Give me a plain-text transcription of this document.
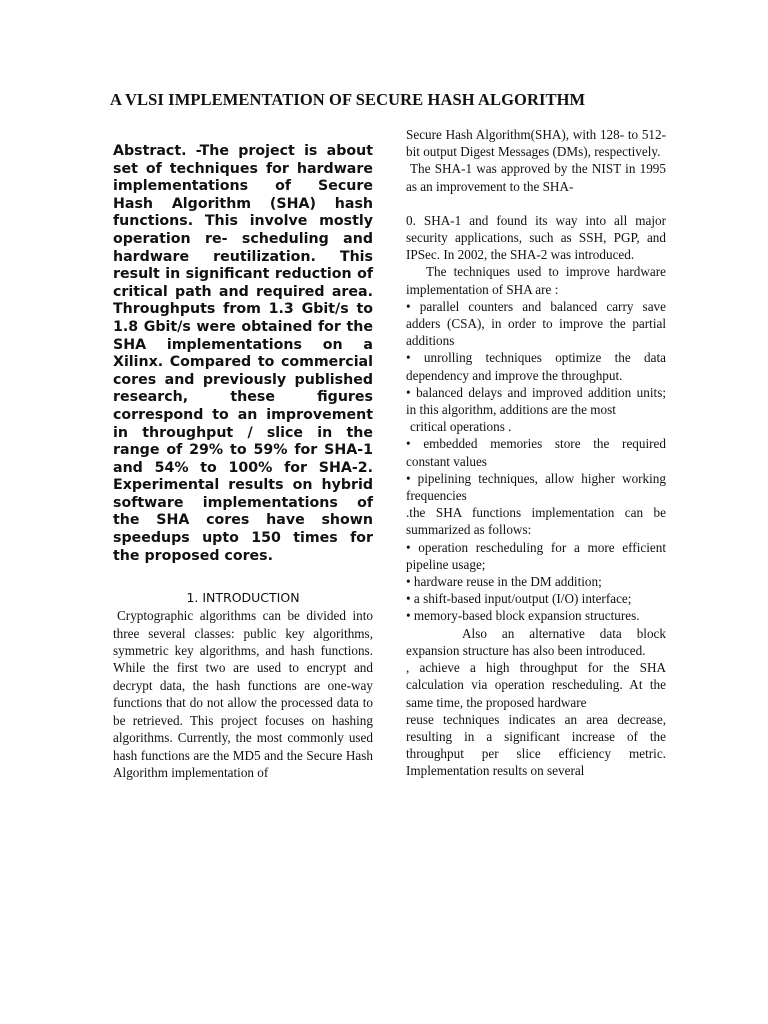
A VLSI IMPLEMENTATION OF SECURE HASH ALGORITHM

Abstract. -The project is about set of techniques for hardware implementations of Secure Hash Algorithm (SHA) hash functions. This involve mostly operation re- scheduling and hardware reutilization. This result in significant reduction of critical path and required area. Throughputs from 1.3 Gbit/s to 1.8 Gbit/s were obtained for the SHA implementations on a Xilinx. Compared to commercial cores and previously published research, these figures correspond to an improvement in throughput / slice in the range of 29% to 59% for SHA-1 and 54% to 100% for SHA-2. Experimental results on hybrid software implementations of the SHA cores have shown speedups upto 150 times for the proposed cores.

1. INTRODUCTION

Cryptographic algorithms can be divided into three several classes: public key algorithms, symmetric key algorithms, and hash functions. While the first two are used to encrypt and decrypt data, the hash functions are one-way functions that do not allow the processed data to be retrieved. This project focuses on hashing algorithms. Currently, the most commonly used hash functions are the MD5 and the Secure Hash Algorithm implementation of

Secure Hash Algorithm(SHA), with 128- to 512-bit output Digest Messages (DMs), respectively.

The SHA-1 was approved by the NIST in 1995 as an improvement to the SHA-

0. SHA-1 and found its way into all major security applications, such as SSH, PGP, and IPSec. In 2002, the SHA-2 was introduced.

The techniques used to improve hardware implementation of SHA are :

• parallel counters and balanced carry save adders (CSA), in order to improve the partial additions

• unrolling techniques optimize the data dependency and improve the throughput.

• balanced delays and improved addition units; in this algorithm, additions are the most

critical operations .

• embedded memories store the required constant values

• pipelining techniques, allow higher working frequencies

.the SHA functions implementation can be summarized as follows:

• operation rescheduling for a more efficient pipeline usage;

• hardware reuse in the DM addition;

• a shift-based input/output (I/O) interface;

• memory-based block expansion structures.

Also an alternative data block expansion structure has also been introduced.

, achieve a high throughput for the SHA calculation via operation rescheduling. At the same time, the proposed hardware

reuse techniques indicates an area decrease, resulting in a significant increase of the throughput per slice efficiency metric. Implementation results on several
